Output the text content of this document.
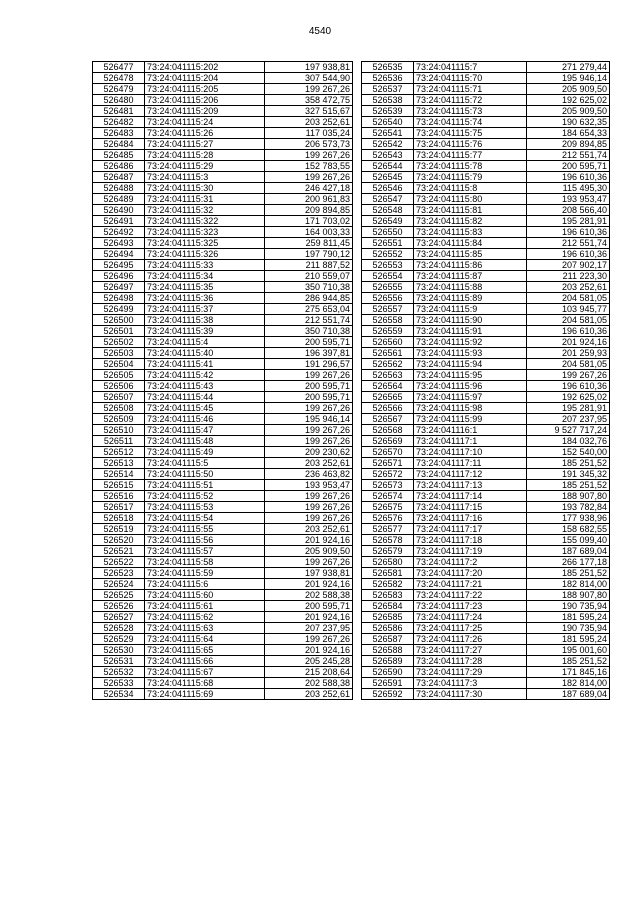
4540
526477	73:24:041115:202	197 938,81
526478	73:24:041115:204	307 544,90
526479	73:24:041115:205	199 267,26
526480	73:24:041115:206	358 472,75
526481	73:24:041115:209	327 515,67
526482	73:24:041115:24	203 252,61
526483	73:24:041115:26	117 035,24
526484	73:24:041115:27	206 573,73
526485	73:24:041115:28	199 267,26
526486	73:24:041115:29	152 783,55
526487	73:24:041115:3	199 267,26
526488	73:24:041115:30	246 427,18
526489	73:24:041115:31	200 961,83
526490	73:24:041115:32	209 894,85
526491	73:24:041115:322	171 703,02
526492	73:24:041115:323	164 003,33
526493	73:24:041115:325	259 811,45
526494	73:24:041115:326	197 790,12
526495	73:24:041115:33	211 887,52
526496	73:24:041115:34	210 559,07
526497	73:24:041115:35	350 710,38
526498	73:24:041115:36	286 944,85
526499	73:24:041115:37	275 653,04
526500	73:24:041115:38	212 551,74
526501	73:24:041115:39	350 710,38
526502	73:24:041115:4	200 595,71
526503	73:24:041115:40	196 397,81
526504	73:24:041115:41	191 296,57
526505	73:24:041115:42	199 267,26
526506	73:24:041115:43	200 595,71
526507	73:24:041115:44	200 595,71
526508	73:24:041115:45	199 267,26
526509	73:24:041115:46	195 946,14
526510	73:24:041115:47	199 267,26
526511	73:24:041115:48	199 267,26
526512	73:24:041115:49	209 230,62
526513	73:24:041115:5	203 252,61
526514	73:24:041115:50	236 463,82
526515	73:24:041115:51	193 953,47
526516	73:24:041115:52	199 267,26
526517	73:24:041115:53	199 267,26
526518	73:24:041115:54	199 267,26
526519	73:24:041115:55	203 252,61
526520	73:24:041115:56	201 924,16
526521	73:24:041115:57	205 909,50
526522	73:24:041115:58	199 267,26
526523	73:24:041115:59	197 938,81
526524	73:24:041115:6	201 924,16
526525	73:24:041115:60	202 588,38
526526	73:24:041115:61	200 595,71
526527	73:24:041115:62	201 924,16
526528	73:24:041115:63	207 237,95
526529	73:24:041115:64	199 267,26
526530	73:24:041115:65	201 924,16
526531	73:24:041115:66	205 245,28
526532	73:24:041115:67	215 208,64
526533	73:24:041115:68	202 588,38
526534	73:24:041115:69	203 252,61
526535	73:24:041115:7	271 279,44
526536	73:24:041115:70	195 946,14
526537	73:24:041115:71	205 909,50
526538	73:24:041115:72	192 625,02
526539	73:24:041115:73	205 909,50
526540	73:24:041115:74	190 632,35
526541	73:24:041115:75	184 654,33
526542	73:24:041115:76	209 894,85
526543	73:24:041115:77	212 551,74
526544	73:24:041115:78	200 595,71
526545	73:24:041115:79	196 610,36
526546	73:24:041115:8	115 495,30
526547	73:24:041115:80	193 953,47
526548	73:24:041115:81	208 566,40
526549	73:24:041115:82	195 281,91
526550	73:24:041115:83	196 610,36
526551	73:24:041115:84	212 551,74
526552	73:24:041115:85	196 610,36
526553	73:24:041115:86	207 902,17
526554	73:24:041115:87	211 223,30
526555	73:24:041115:88	203 252,61
526556	73:24:041115:89	204 581,05
526557	73:24:041115:9	103 945,77
526558	73:24:041115:90	204 581,05
526559	73:24:041115:91	196 610,36
526560	73:24:041115:92	201 924,16
526561	73:24:041115:93	201 259,93
526562	73:24:041115:94	204 581,05
526563	73:24:041115:95	199 267,26
526564	73:24:041115:96	196 610,36
526565	73:24:041115:97	192 625,02
526566	73:24:041115:98	195 281,91
526567	73:24:041115:99	207 237,95
526568	73:24:041116:1	9 527 717,24
526569	73:24:041117:1	184 032,76
526570	73:24:041117:10	152 540,00
526571	73:24:041117:11	185 251,52
526572	73:24:041117:12	191 345,32
526573	73:24:041117:13	185 251,52
526574	73:24:041117:14	188 907,80
526575	73:24:041117:15	193 782,84
526576	73:24:041117:16	177 938,96
526577	73:24:041117:17	158 682,55
526578	73:24:041117:18	155 099,40
526579	73:24:041117:19	187 689,04
526580	73:24:041117:2	266 177,18
526581	73:24:041117:20	185 251,52
526582	73:24:041117:21	182 814,00
526583	73:24:041117:22	188 907,80
526584	73:24:041117:23	190 735,94
526585	73:24:041117:24	181 595,24
526586	73:24:041117:25	190 735,94
526587	73:24:041117:26	181 595,24
526588	73:24:041117:27	195 001,60
526589	73:24:041117:28	185 251,52
526590	73:24:041117:29	171 845,16
526591	73:24:041117:3	182 814,00
526592	73:24:041117:30	187 689,04
